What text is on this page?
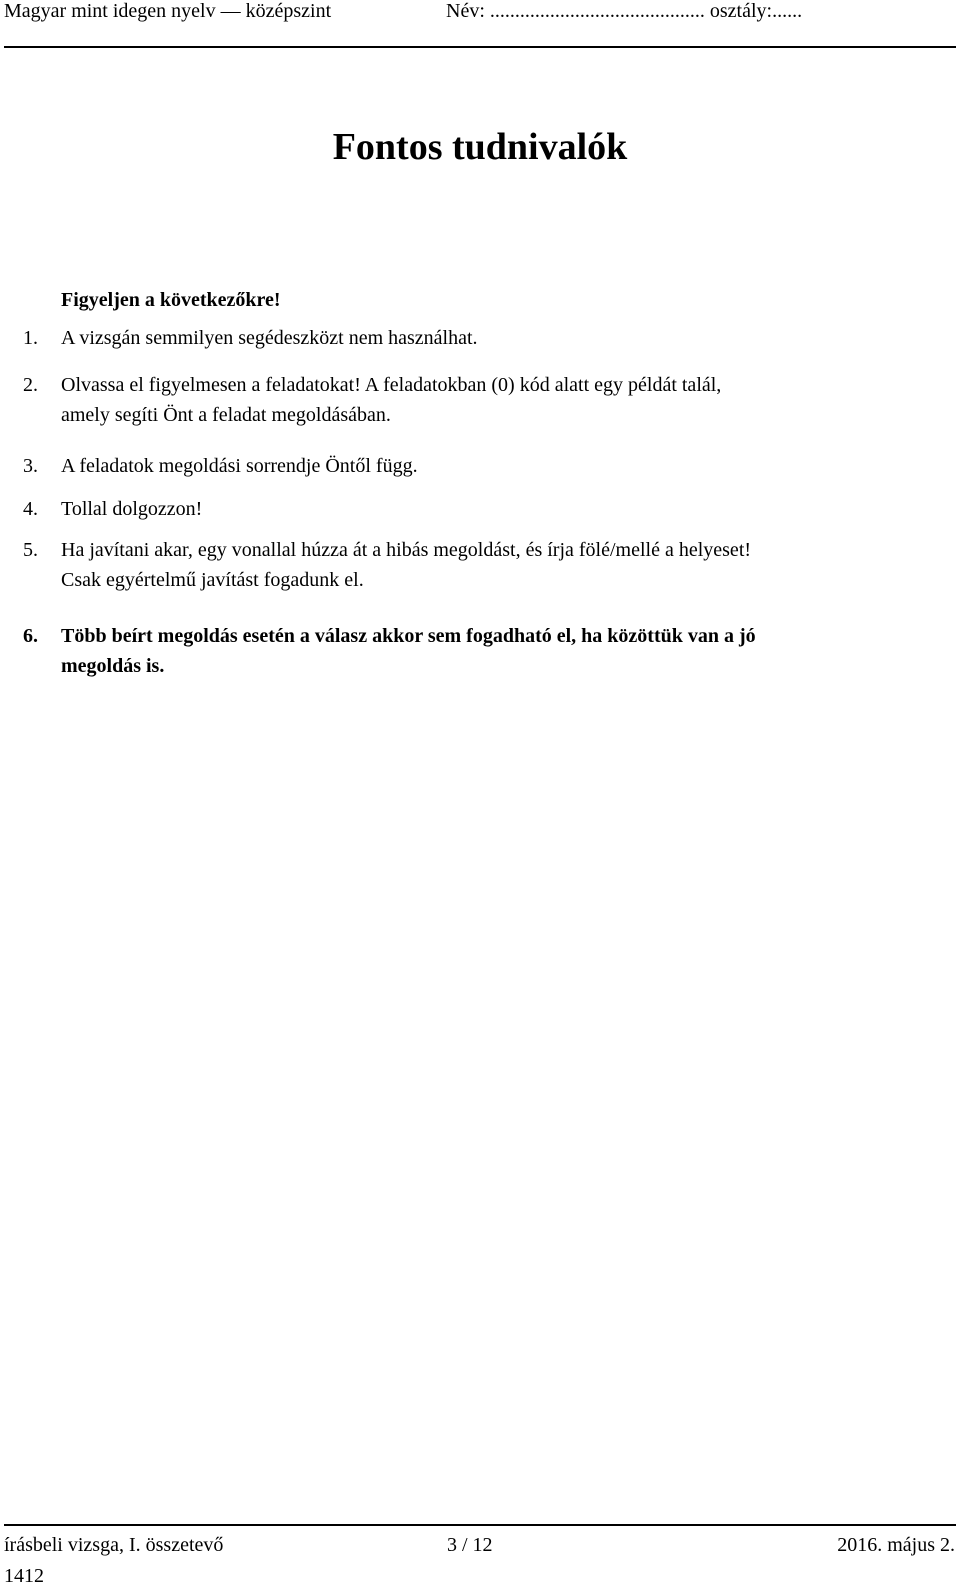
Magyar mint idegen nyelv — középszint	Név: ........................................... osztály:......
Fontos tudnivalók
Figyeljen a következőkre!
1. A vizsgán semmilyen segédeszközt nem használhat.
2. Olvassa el figyelmesen a feladatokat! A feladatokban (0) kód alatt egy példát talál,
amely segíti Önt a feladat megoldásában.
3. A feladatok megoldási sorrendje Öntől függ.
4. Tollal dolgozzon!
5. Ha javítani akar, egy vonallal húzza át a hibás megoldást, és írja fölé/mellé a helyeset!
Csak egyértelmű javítást fogadunk el.
6. Több beírt megoldás esetén a válasz akkor sem fogadható el, ha közöttük van a jó
megoldás is.
írásbeli vizsga, I. összetevő	3 / 12	2016. május 2.
1412
